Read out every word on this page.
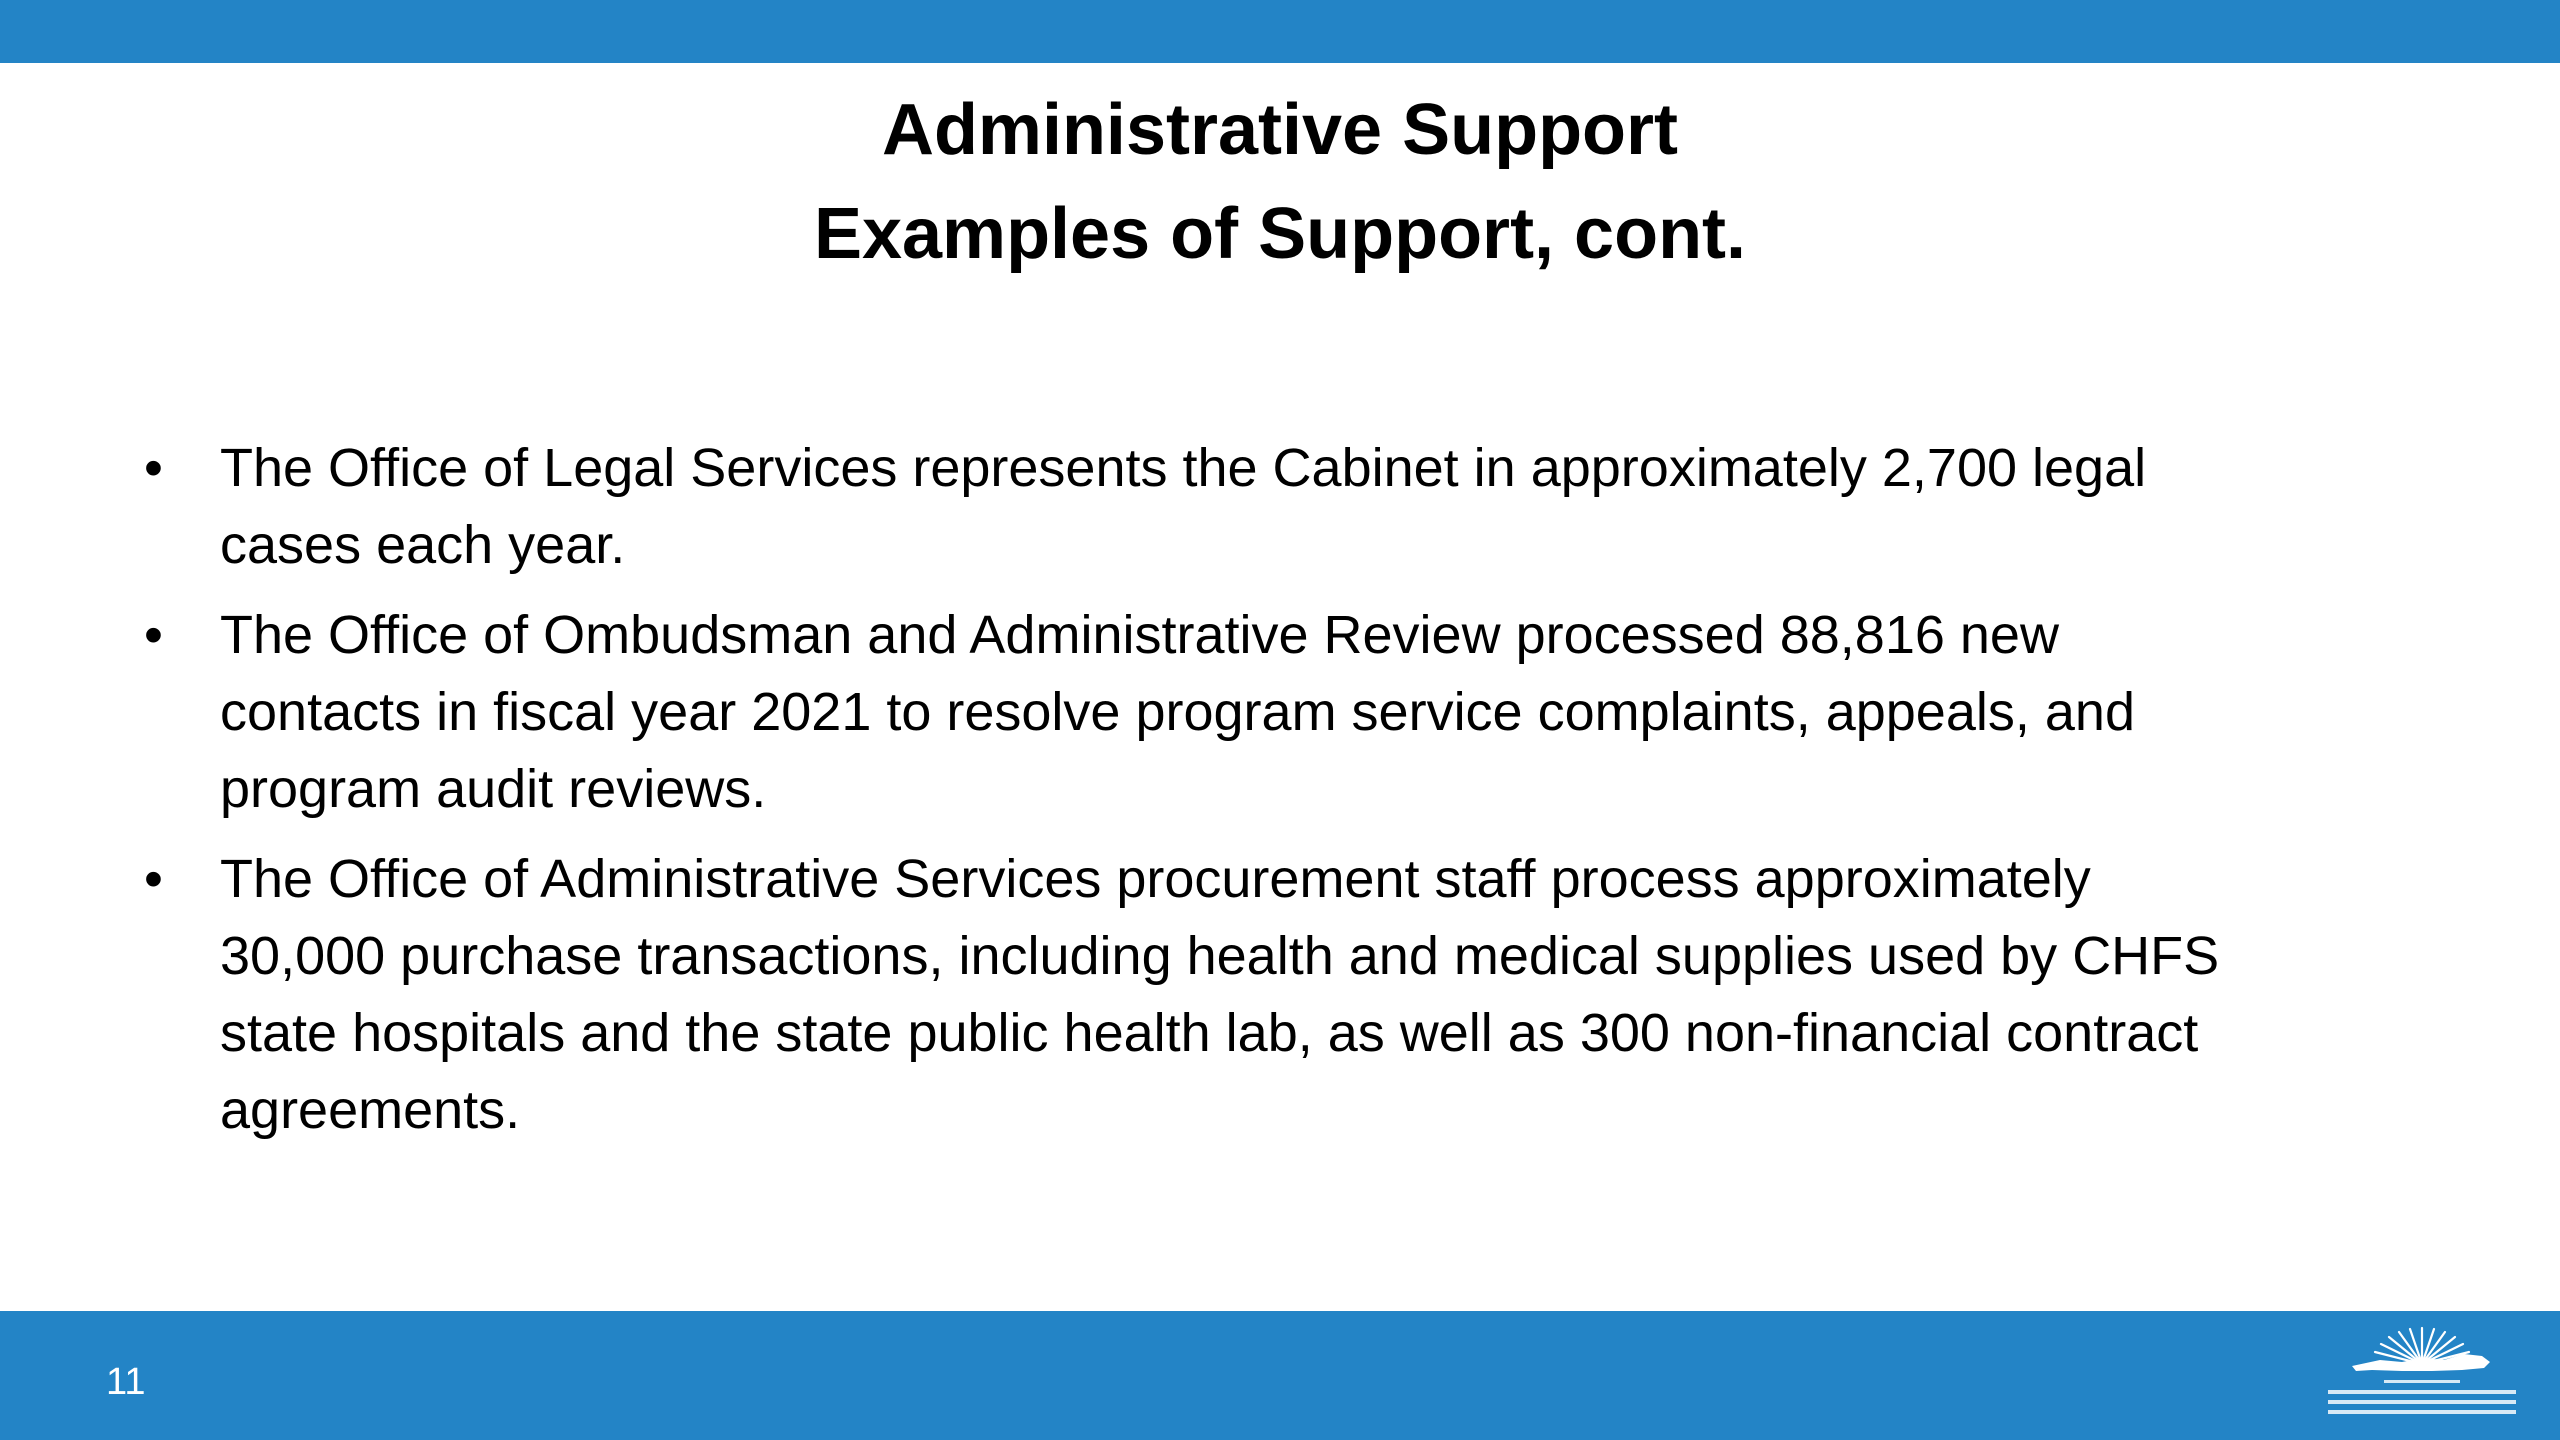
Administrative Support
Examples of Support, cont.
• The Office of Legal Services represents the Cabinet in approximately 2,700 legal
cases each year.
• The Office of Ombudsman and Administrative Review processed 88,816 new
contacts in fiscal year 2021 to resolve program service complaints, appeals, and
program audit reviews.
• The Office of Administrative Services procurement staff process approximately
30,000 purchase transactions, including health and medical supplies used by CHFS
state hospitals and the state public health lab, as well as 300 non-financial contract
agreements.
11
